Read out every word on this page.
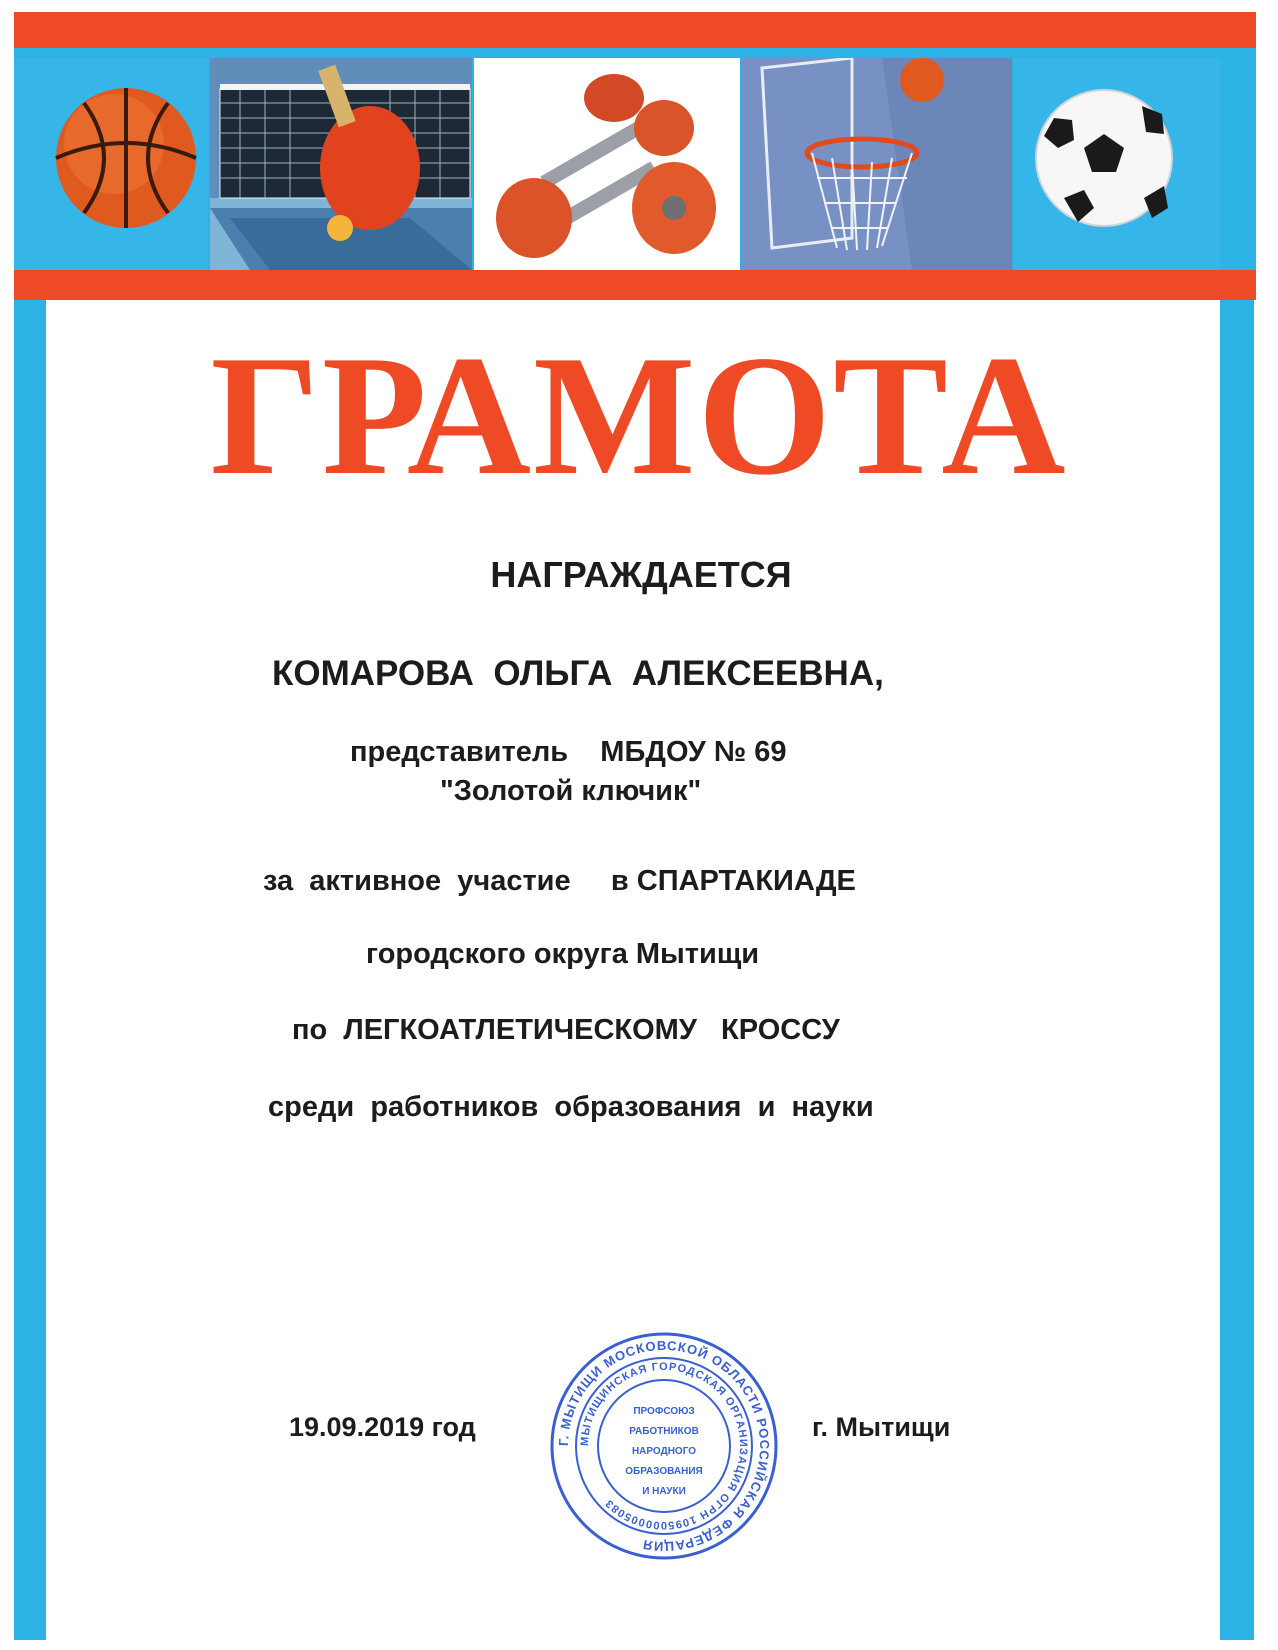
ГРАМОТА
НАГРАЖДАЕТСЯ
КОМАРОВА  ОЛЬГА  АЛЕКСЕЕВНА,
представитель    МБДОУ № 69
"Золотой ключик"
за  активное  участие     в СПАРТАКИАДЕ
городского округа Мытищи
по  ЛЕГКОАТЛЕТИЧЕСКОМУ   КРОССУ
среди  работников  образования  и  науки
19.09.2019 год	г. Мытищи
Г. МЫТИЩИ МОСКОВСКОЙ ОБЛАСТИ РОССИЙСКАЯ ФЕДЕРАЦИЯ
МЫТИЩИНСКАЯ ГОРОДСКАЯ ОРГАНИЗАЦИЯ ОГРН 1095000005083
ПРОФСОЮЗ
РАБОТНИКОВ
НАРОДНОГО
ОБРАЗОВАНИЯ
И НАУКИ
